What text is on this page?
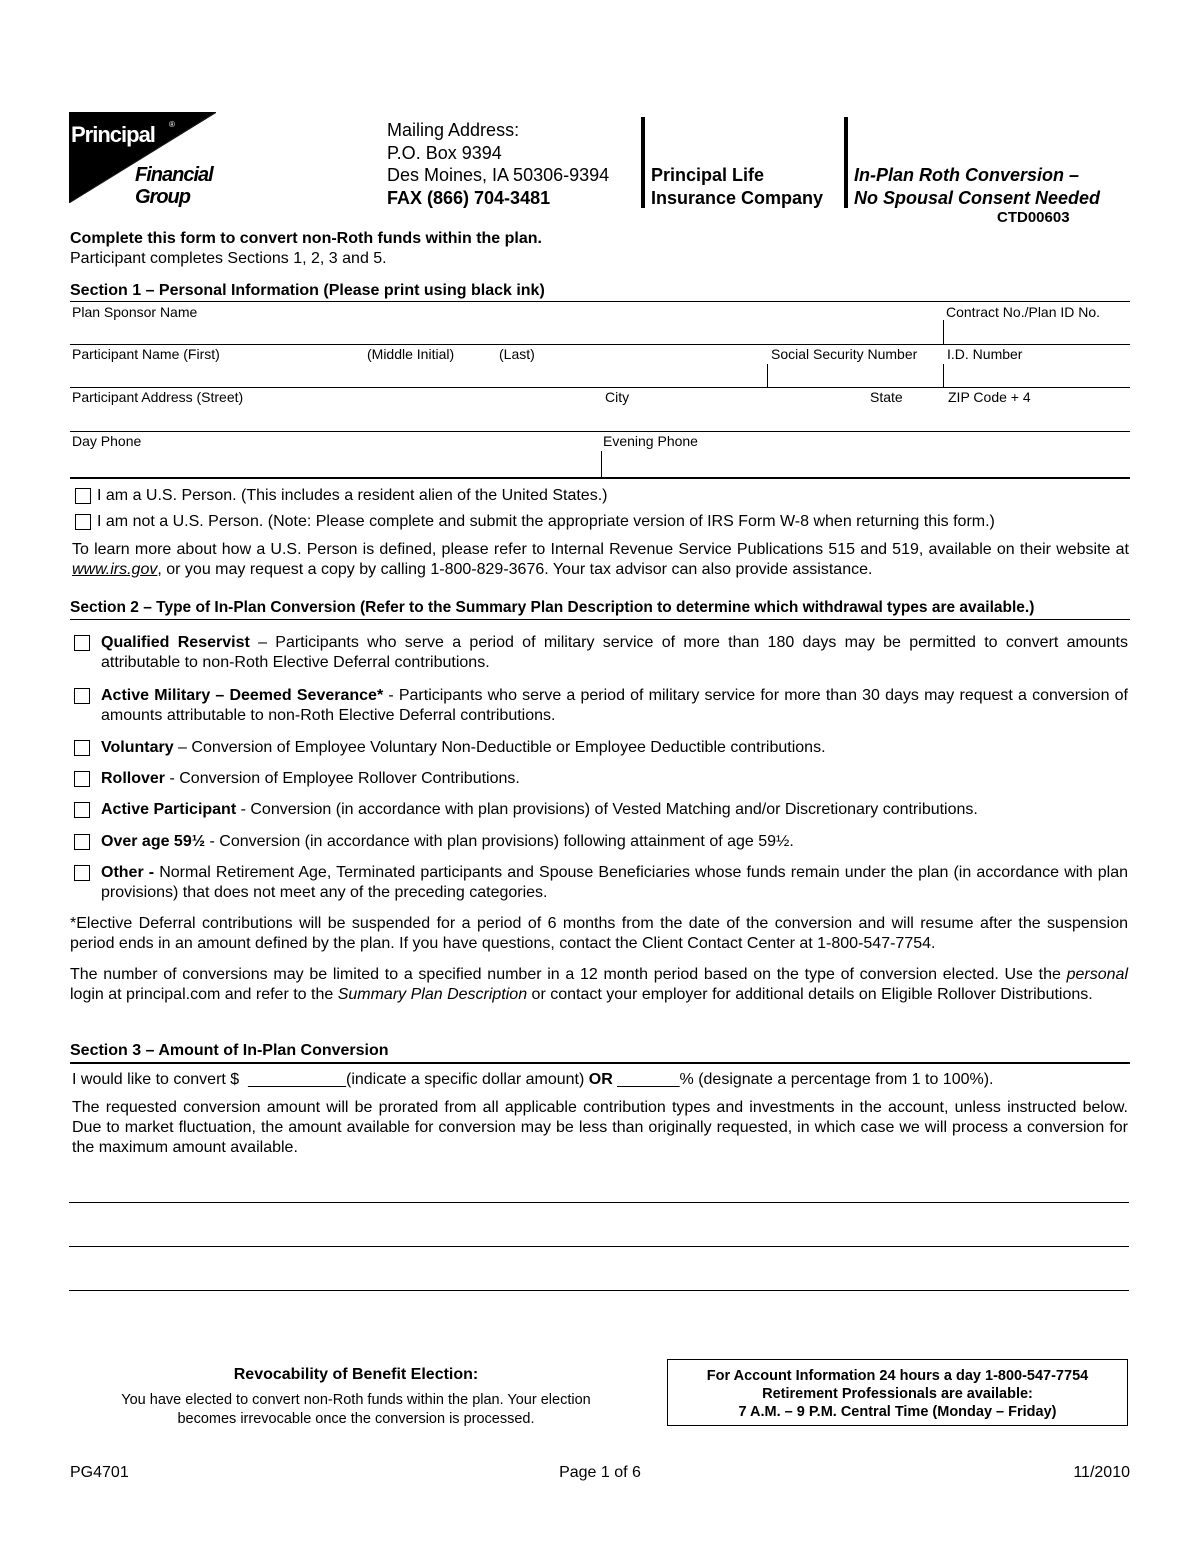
Principal ®
Financial
Group
Mailing Address:
P.O. Box 9394
Des Moines, IA 50306-9394
FAX (866) 704-3481
Principal Life
Insurance Company
In-Plan Roth Conversion –
No Spousal Consent Needed
CTD00603
Complete this form to convert non-Roth funds within the plan.
Participant completes Sections 1, 2, 3 and 5.
Section 1 – Personal Information (Please print using black ink)
Plan Sponsor Name	Contract No./Plan ID No.
Participant Name (First)	(Middle Initial)	(Last)	Social Security Number I.D. Number
Participant Address (Street)	City	State	ZIP Code + 4
Day Phone	Evening Phone
I am a U.S. Person. (This includes a resident alien of the United States.)
I am not a U.S. Person. (Note: Please complete and submit the appropriate version of IRS Form W-8 when returning this form.)
To learn more about how a U.S. Person is defined, please refer to Internal Revenue Service Publications 515 and 519, available on their website at www.irs.gov, or you may request a copy by calling 1-800-829-3676. Your tax advisor can also provide assistance.
Section 2 – Type of In-Plan Conversion (Refer to the Summary Plan Description to determine which withdrawal types are available.)
Qualified Reservist – Participants who serve a period of military service of more than 180 days may be permitted to convert amounts attributable to non-Roth Elective Deferral contributions.
Active Military – Deemed Severance* - Participants who serve a period of military service for more than 30 days may request a conversion of amounts attributable to non-Roth Elective Deferral contributions.
Voluntary – Conversion of Employee Voluntary Non-Deductible or Employee Deductible contributions.
Rollover - Conversion of Employee Rollover Contributions.
Active Participant - Conversion (in accordance with plan provisions) of Vested Matching and/or Discretionary contributions.
Over age 59½ - Conversion (in accordance with plan provisions) following attainment of age 59½.
Other - Normal Retirement Age, Terminated participants and Spouse Beneficiaries whose funds remain under the plan (in accordance with plan provisions) that does not meet any of the preceding categories.
*Elective Deferral contributions will be suspended for a period of 6 months from the date of the conversion and will resume after the suspension period ends in an amount defined by the plan. If you have questions, contact the Client Contact Center at 1-800-547-7754.
The number of conversions may be limited to a specified number in a 12 month period based on the type of conversion elected. Use the personal login at principal.com and refer to the Summary Plan Description or contact your employer for additional details on Eligible Rollover Distributions.
Section 3 – Amount of In-Plan Conversion
I would like to convert $ ___________(indicate a specific dollar amount) OR _______% (designate a percentage from 1 to 100%).
The requested conversion amount will be prorated from all applicable contribution types and investments in the account, unless instructed below. Due to market fluctuation, the amount available for conversion may be less than originally requested, in which case we will process a conversion for the maximum amount available.
Revocability of Benefit Election:
You have elected to convert non-Roth funds within the plan. Your election becomes irrevocable once the conversion is processed.
For Account Information 24 hours a day 1-800-547-7754
Retirement Professionals are available:
7 A.M. – 9 P.M. Central Time (Monday – Friday)
PG4701	Page 1 of 6	11/2010
